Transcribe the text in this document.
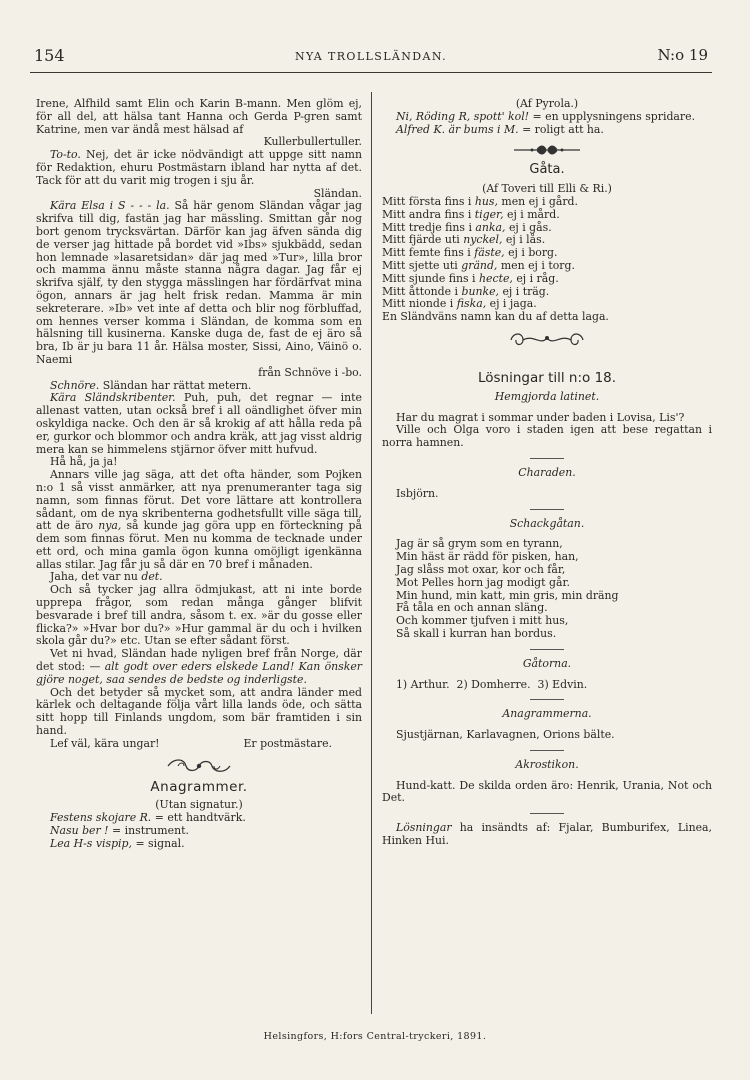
154	NYA TROLLSLÄNDAN.	N:o 19

Irene, Alfhild samt Elin och Karin B-mann. Men glöm ej, för all del, att hälsa tant Hanna och Gerda P-gren samt Katrine, men var ändå mest hälsad af

Kullerbullertuller.

To-to. Nej, det är icke nödvändigt att uppge sitt namn för Redaktion, ehuru Postmästarn ibland har nytta af det. Tack för att du varit mig trogen i sju år.

Sländan.

Kära Elsa i S - - - la. Så här genom Sländan vågar jag skrifva till dig, fastän jag har mässling. Smittan går nog bort genom trycksvärtan. Därför kan jag äfven sända dig de verser jag hittade på bordet vid »Ibs» sjukbädd, sedan hon lemnade »lasaretsidan» där jag med »Tur», lilla bror och mamma ännu måste stanna några dagar. Jag får ej skrifva själf, ty den stygga mässlingen har fördärfvat mina ögon, annars är jag helt frisk redan. Mamma är min sekreterare. »Ib» vet inte af detta och blir nog förbluffad, om hennes verser komma i Sländan, de komma som en hälsning till kusinerna. Kanske duga de, fast de ej äro så bra, Ib är ju bara 11 år. Hälsa moster, Sissi, Aino, Väinö o. Naemi

från Schnöve i -bo.

Schnöre. Sländan har rättat metern.

Kära Sländskribenter. Puh, puh, det regnar — inte allenast vatten, utan också bref i all oändlighet öfver min oskyldiga nacke. Och den är så krokig af att hålla reda på er, gurkor och blommor och andra kräk, att jag visst aldrig mera kan se himmelens stjärnor öfver mitt hufvud.

Hå hå, ja ja!

Annars ville jag säga, att det ofta händer, som Pojken n:o 1 så visst anmärker, att nya prenumeranter taga sig namn, som finnas förut. Det vore lättare att kontrollera sådant, om de nya skribenterna godhetsfullt ville säga till, att de äro nya, så kunde jag göra upp en förteckning på dem som finnas förut. Men nu komma de tecknade under ett ord, och mina gamla ögon kunna omöjligt igenkänna allas stilar. Jag får ju så där en 70 bref i månaden.

Jaha, det var nu det.

Och så tycker jag allra ödmjukast, att ni inte borde upprepa frågor, som redan många gånger blifvit besvarade i bref till andra, såsom t. ex. »är du gosse eller flicka?» »Hvar bor du?» »Hur gammal är du och i hvilken skola går du?» etc. Utan se efter sådant först.

Vet ni hvad, Sländan hade nyligen bref från Norge, där det stod: — alt godt over eders elskede Land! Kan önsker gjöre noget, saa sendes de bedste og inderligste.

Och det betyder så mycket som, att andra länder med kärlek och deltagande följa vårt lilla lands öde, och sätta sitt hopp till Finlands ungdom, som bär framtiden i sin hand.

Lef väl, kära ungar!	Er postmästare.

Anagrammer.

(Utan signatur.)

Festens skojare R. = ett handtvärk.

Nasu ber ! = instrument.

Lea H-s vispip, = signal.

(Af Pyrola.)

Ni, Röding R, spott' kol! = en upplysningens spridare.

Alfred K. är bums i M. = roligt att ha.

Gåta.

(Af Toveri till Elli & Ri.)

Mitt första fins i hus, men ej i gård.

Mitt andra fins i tiger, ej i mård.

Mitt tredje fins i anka, ej i gås.

Mitt fjärde uti nyckel, ej i lås.

Mitt femte fins i fäste, ej i borg.

Mitt sjette uti gränd, men ej i torg.

Mitt sjunde fins i hecte, ej i råg.

Mitt åttonde i bunke, ej i träg.

Mitt nionde i fiska, ej i jaga.

En Sländväns namn kan du af detta laga.

Lösningar till n:o 18.

Hemgjorda latinet.

Har du magrat i sommar under baden i Lovisa, Lis'?

Ville och Olga voro i staden igen att bese regattan i norra hamnen.

Charaden.

Isbjörn.

Schackgåtan.

Jag är så grym som en tyrann,

Min häst är rädd för pisken, han,

Jag slåss mot oxar, kor och får,

Mot Pelles horn jag modigt går.

Min hund, min katt, min gris, min dräng

Få tåla en och annan släng.

Och kommer tjufven i mitt hus,

Så skall i kurran han bordus.

Gåtorna.

1) Arthur. 2) Domherre. 3) Edvin.

Anagrammerna.

Sjustjärnan, Karlavagnen, Orions bälte.

Akrostikon.

Hund-katt. De skilda orden äro: Henrik, Urania, Not och Det.

Lösningar ha insändts af: Fjalar, Bumburifex, Linea, Hinken Hui.

Helsingfors, H:fors Central-tryckeri, 1891.
